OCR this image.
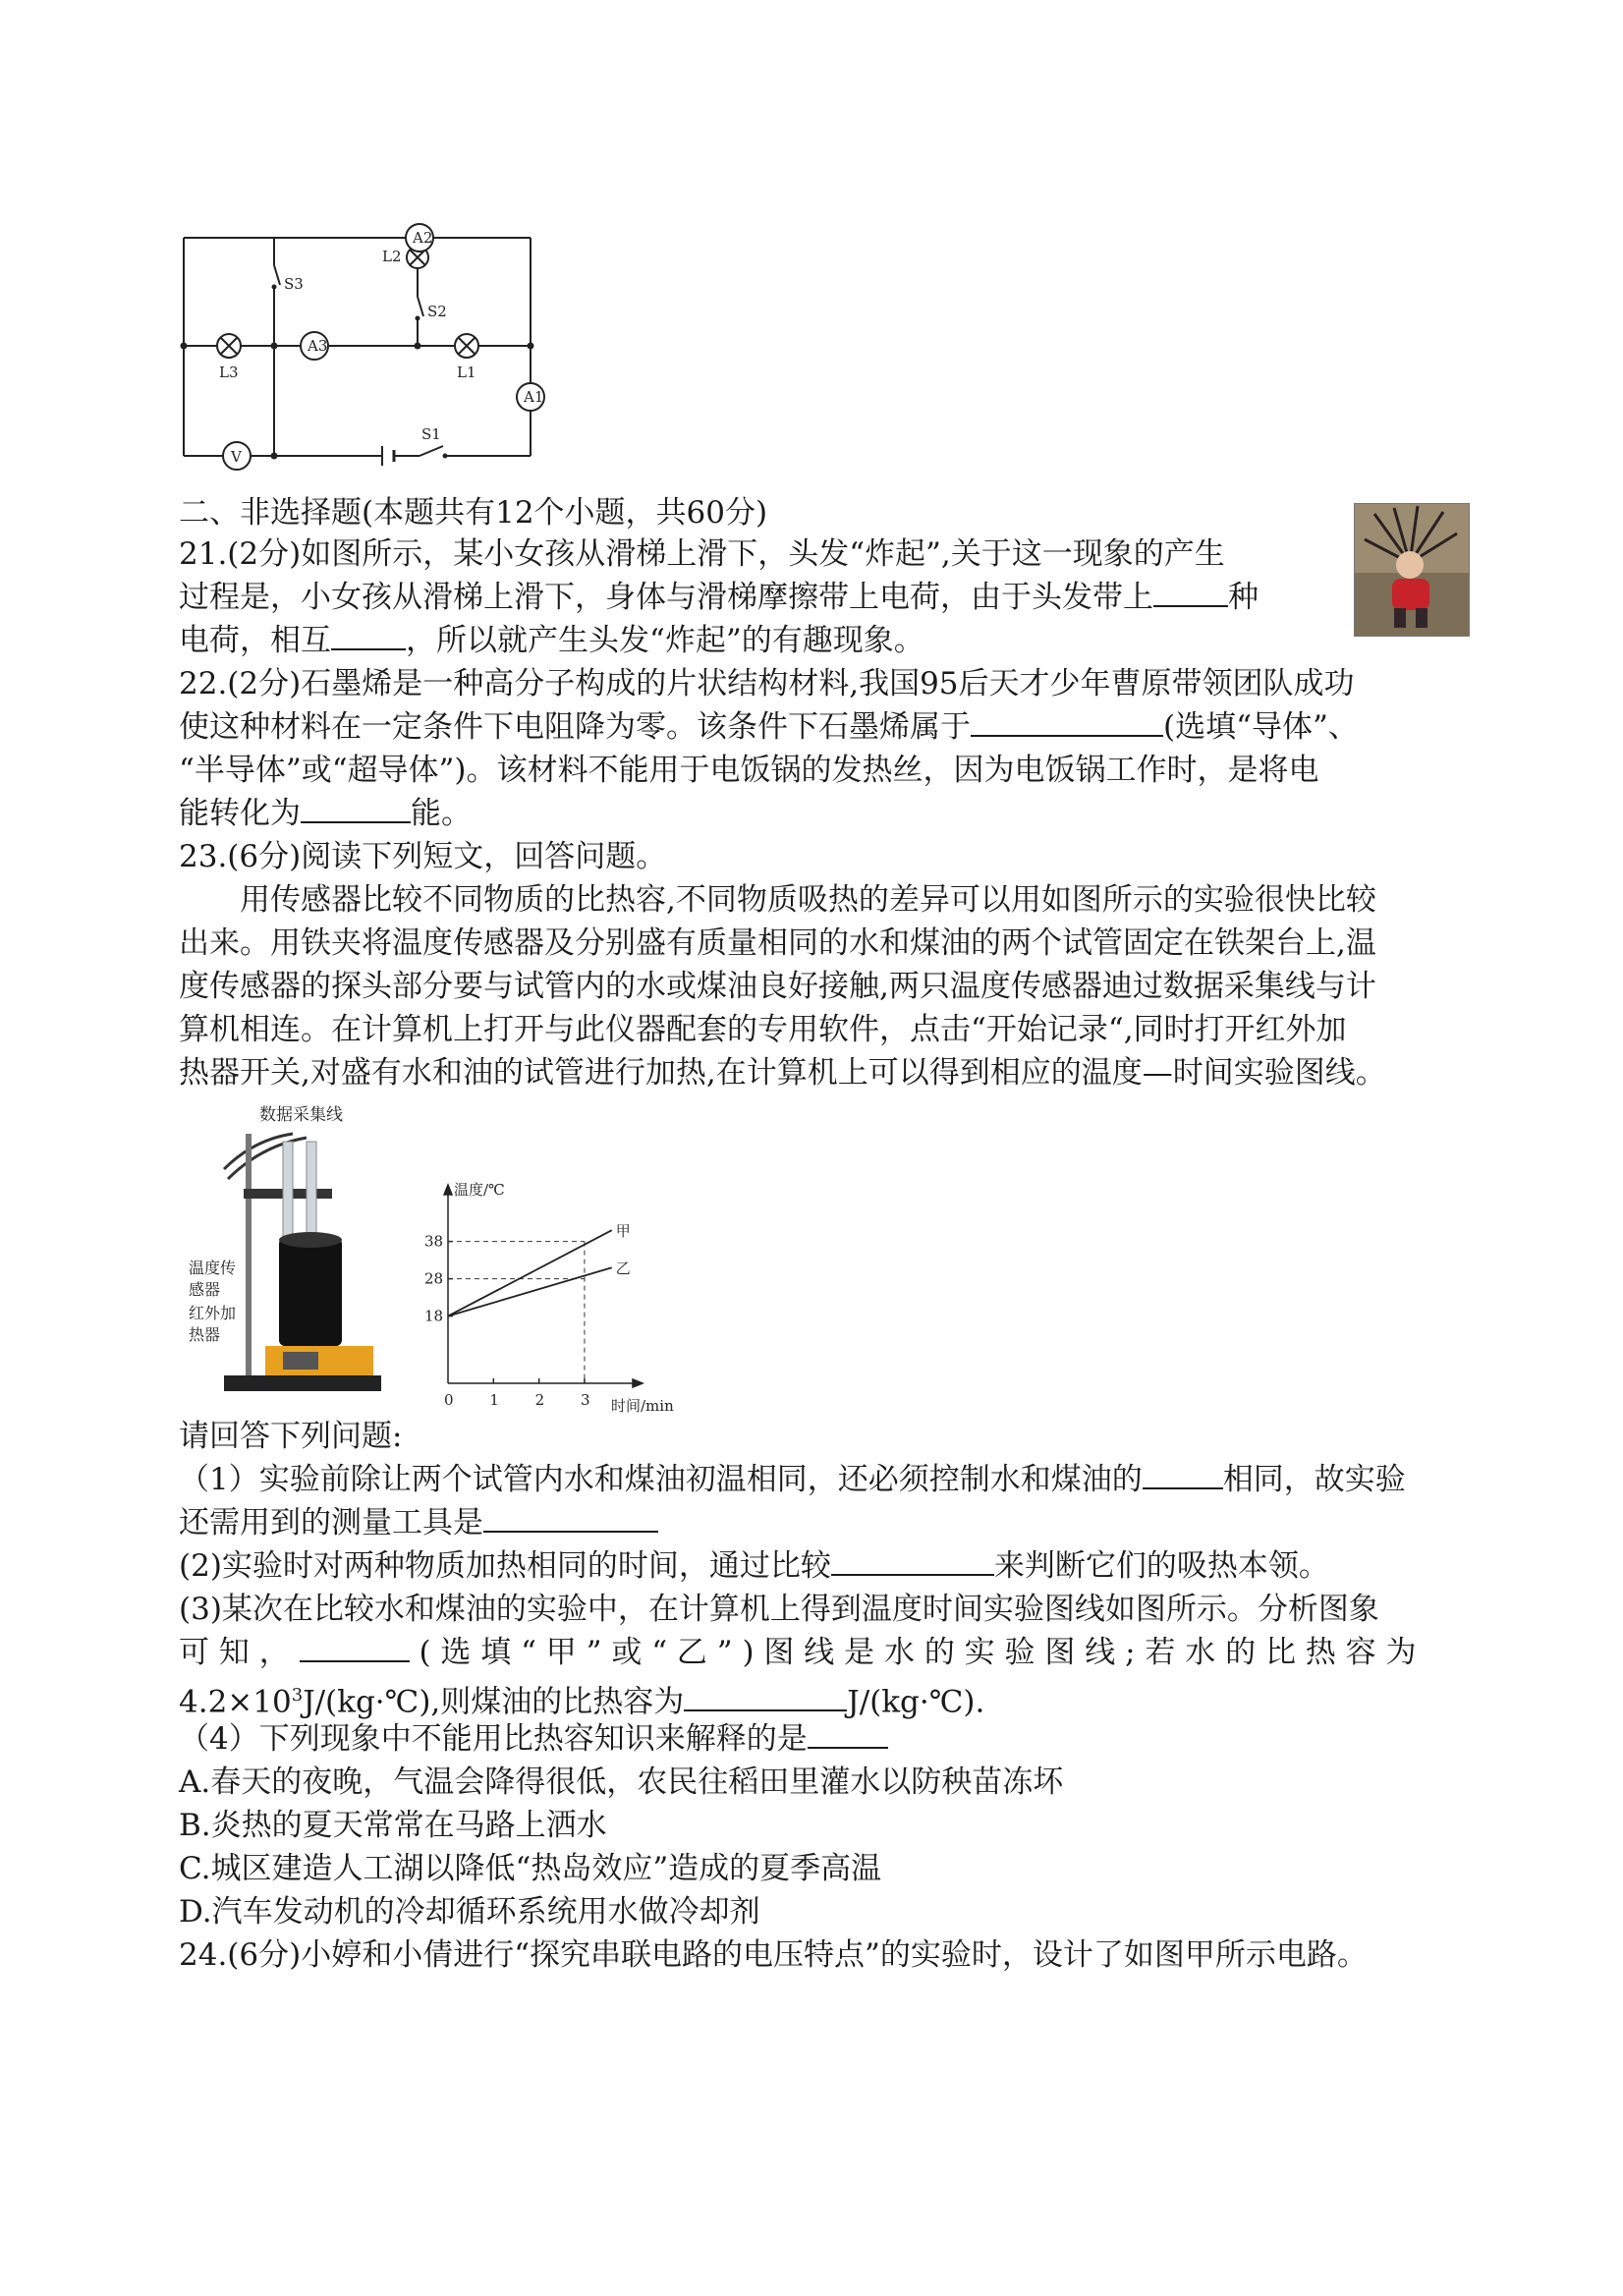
A2
A3
A1
V
L2
S3
S2
L3	L1
S1
二、非选择题(本题共有12个小题，共60分)
21.(2分)如图所示，某小女孩从滑梯上滑下，头发“炸起”,关于这一现象的产生
过程是，小女孩从滑梯上滑下，身体与滑梯摩擦带上电荷，由于头发带上 种
电荷，相互 ，所以就产生头发“炸起”的有趣现象。
22.(2分)石墨烯是一种高分子构成的片状结构材料,我国95后天才少年曹原带领团队成功
使这种材料在一定条件下电阻降为零。该条件下石墨烯属于	(选填“导体”、
“半导体”或“超导体”)。该材料不能用于电饭锅的发热丝，因为电饭锅工作时，是将电
能转化为	能。
23.(6分)阅读下列短文，回答问题。
用传感器比较不同物质的比热容,不同物质吸热的差异可以用如图所示的实验很快比较
出来。用铁夹将温度传感器及分别盛有质量相同的水和煤油的两个试管固定在铁架台上,温
度传感器的探头部分要与试管内的水或煤油良好接触,两只温度传感器迪过数据采集线与计
算机相连。在计算机上打开与此仪器配套的专用软件，点击“开始记录“,同时打开红外加
热器开关,对盛有水和油的试管进行加热,在计算机上可以得到相应的温度—时间实验图线。
数据采集线
温度传
感器
红外加
热器
0 1 2 3
18
28
38
甲
乙
温度/℃
时间/min
请回答下列问题:
（1）实验前除让两个试管内水和煤油初温相同，还必须控制水和煤油的	相同，故实验
还需用到的测量工具是
(2)实验时对两种物质加热相同的时间，通过比较	来判断它们的吸热本领。
(3)某次在比较水和煤油的实验中，在计算机上得到温度时间实验图线如图所示。分析图象
可 知 ，	( 选 填 “ 甲 ” 或 “ 乙 ” ) 图 线 是 水 的 实 验 图 线 ; 若 水 的 比 热 容 为
$4.2\times 10^3J/(kg\cdot℃)$,则煤油的比热容为	J/(kg·℃).
（4）下列现象中不能用比热容知识来解释的是
A.春天的夜晚，气温会降得很低，农民往稻田里灌水以防秧苗冻坏
B.炎热的夏天常常在马路上洒水
C.城区建造人工湖以降低“热岛效应”造成的夏季高温
D.汽车发动机的冷却循环系统用水做冷却剂
24.(6分)小婷和小倩进行“探究串联电路的电压特点”的实验时，设计了如图甲所示电路。
